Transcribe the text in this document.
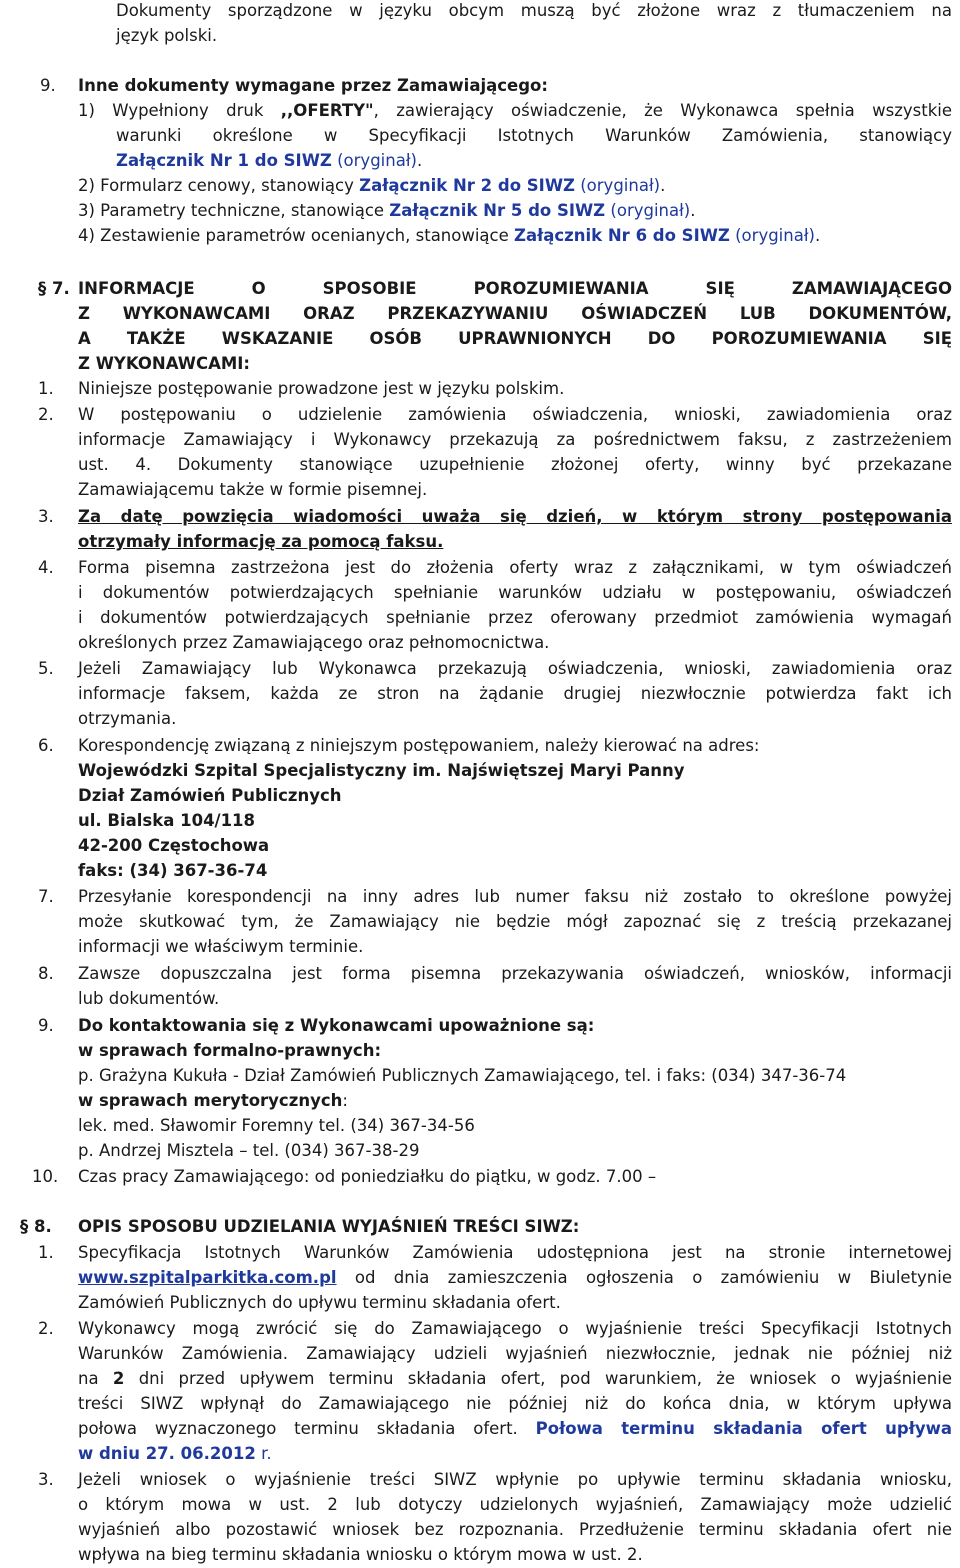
Dokumenty sporządzone w języku obcym muszą być złożone wraz z tłumaczeniem na
język polski.
9. Inne dokumenty wymagane przez Zamawiającego:
1) Wypełniony druk ,,OFERTY", zawierający oświadczenie, że Wykonawca spełnia wszystkie
warunki określone w Specyfikacji Istotnych Warunków Zamówienia, stanowiący
Załącznik Nr 1 do SIWZ (oryginał).
2) Formularz cenowy, stanowiący Załącznik Nr 2 do SIWZ (oryginał).
3) Parametry techniczne, stanowiące Załącznik Nr 5 do SIWZ (oryginał).
4) Zestawienie parametrów ocenianych, stanowiące Załącznik Nr 6 do SIWZ (oryginał).
§ 7. INFORMACJE O SPOSOBIE POROZUMIEWANIA SIĘ ZAMAWIAJĄCEGO
Z WYKONAWCAMI ORAZ PRZEKAZYWANIU OŚWIADCZEŃ LUB DOKUMENTÓW,
A TAKŻE WSKAZANIE OSÓB UPRAWNIONYCH DO POROZUMIEWANIA SIĘ
Z WYKONAWCAMI:
1. Niniejsze postępowanie prowadzone jest w języku polskim.
2. W postępowaniu o udzielenie zamówienia oświadczenia, wnioski, zawiadomienia oraz
informacje Zamawiający i Wykonawcy przekazują za pośrednictwem faksu, z zastrzeżeniem
ust. 4. Dokumenty stanowiące uzupełnienie złożonej oferty, winny być przekazane
Zamawiającemu także w formie pisemnej.
3. Za datę powzięcia wiadomości uważa się dzień, w którym strony postępowania
otrzymały informację za pomocą faksu.
4. Forma pisemna zastrzeżona jest do złożenia oferty wraz z załącznikami, w tym oświadczeń
i dokumentów potwierdzających spełnianie warunków udziału w postępowaniu, oświadczeń
i dokumentów potwierdzających spełnianie przez oferowany przedmiot zamówienia wymagań
określonych przez Zamawiającego oraz pełnomocnictwa.
5. Jeżeli Zamawiający lub Wykonawca przekazują oświadczenia, wnioski, zawiadomienia oraz
informacje faksem, każda ze stron na żądanie drugiej niezwłocznie potwierdza fakt ich
otrzymania.
6. Korespondencję związaną z niniejszym postępowaniem, należy kierować na adres:
Wojewódzki Szpital Specjalistyczny im. Najświętszej Maryi Panny
Dział Zamówień Publicznych
ul. Bialska 104/118
42-200 Częstochowa
faks: (34) 367-36-74
7. Przesyłanie korespondencji na inny adres lub numer faksu niż zostało to określone powyżej
może skutkować tym, że Zamawiający nie będzie mógł zapoznać się z treścią przekazanej
informacji we właściwym terminie.
8. Zawsze dopuszczalna jest forma pisemna przekazywania oświadczeń, wniosków, informacji
lub dokumentów.
9. Do kontaktowania się z Wykonawcami upoważnione są:
w sprawach formalno-prawnych:
p. Grażyna Kukuła - Dział Zamówień Publicznych Zamawiającego, tel. i faks: (034) 347-36-74
w sprawach merytorycznych:
lek. med. Sławomir Foremny tel. (34) 367-34-56
p. Andrzej Misztela – tel. (034) 367-38-29
10. Czas pracy Zamawiającego: od poniedziałku do piątku, w godz. 7.00 –
§ 8. OPIS SPOSOBU UDZIELANIA WYJAŚNIEŃ TREŚCI SIWZ:
1. Specyfikacja Istotnych Warunków Zamówienia udostępniona jest na stronie internetowej
www.szpitalparkitka.com.pl od dnia zamieszczenia ogłoszenia o zamówieniu w Biuletynie
Zamówień Publicznych do upływu terminu składania ofert.
2. Wykonawcy mogą zwrócić się do Zamawiającego o wyjaśnienie treści Specyfikacji Istotnych
Warunków Zamówienia. Zamawiający udzieli wyjaśnień niezwłocznie, jednak nie później niż
na 2 dni przed upływem terminu składania ofert, pod warunkiem, że wniosek o wyjaśnienie
treści SIWZ wpłynął do Zamawiającego nie później niż do końca dnia, w którym upływa
połowa wyznaczonego terminu składania ofert. Połowa terminu składania ofert upływa
w dniu 27. 06.2012 r.
3. Jeżeli wniosek o wyjaśnienie treści SIWZ wpłynie po upływie terminu składania wniosku,
o którym mowa w ust. 2 lub dotyczy udzielonych wyjaśnień, Zamawiający może udzielić
wyjaśnień albo pozostawić wniosek bez rozpoznania. Przedłużenie terminu składania ofert nie
wpływa na bieg terminu składania wniosku o którym mowa w ust. 2.
